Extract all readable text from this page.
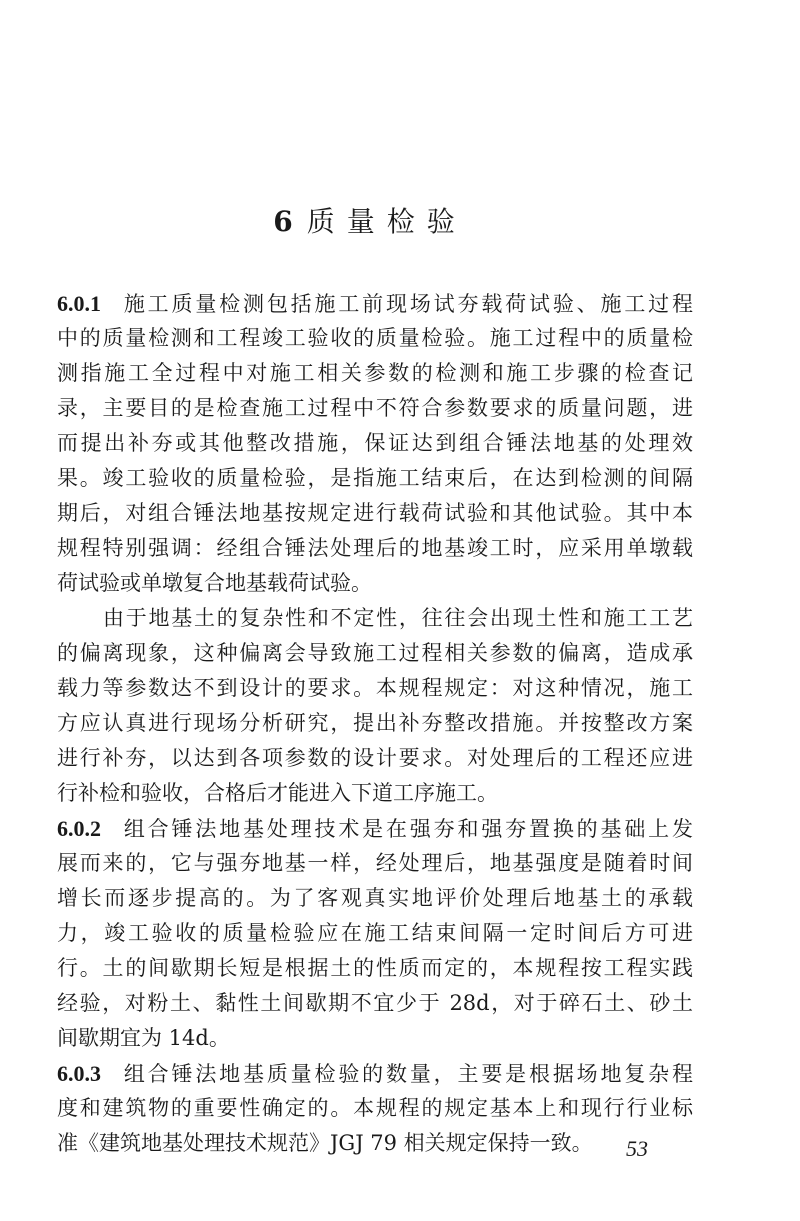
6 质量检验
6.0.1 施工质量检测包括施工前现场试夯载荷试验、施工过程
中的质量检测和工程竣工验收的质量检验。施工过程中的质量检
测指施工全过程中对施工相关参数的检测和施工步骤的检查记
录，主要目的是检查施工过程中不符合参数要求的质量问题，进
而提出补夯或其他整改措施，保证达到组合锤法地基的处理效
果。竣工验收的质量检验，是指施工结束后，在达到检测的间隔
期后，对组合锤法地基按规定进行载荷试验和其他试验。其中本
规程特别强调：经组合锤法处理后的地基竣工时，应采用单墩载
荷试验或单墩复合地基载荷试验。
由于地基土的复杂性和不定性，往往会出现土性和施工工艺
的偏离现象，这种偏离会导致施工过程相关参数的偏离，造成承
载力等参数达不到设计的要求。本规程规定：对这种情况，施工
方应认真进行现场分析研究，提出补夯整改措施。并按整改方案
进行补夯，以达到各项参数的设计要求。对处理后的工程还应进
行补检和验收，合格后才能进入下道工序施工。
6.0.2 组合锤法地基处理技术是在强夯和强夯置换的基础上发
展而来的，它与强夯地基一样，经处理后，地基强度是随着时间
增长而逐步提高的。为了客观真实地评价处理后地基土的承载
力，竣工验收的质量检验应在施工结束间隔一定时间后方可进
行。土的间歇期长短是根据土的性质而定的，本规程按工程实践
经验，对粉土、黏性土间歇期不宜少于 28d，对于碎石土、砂土
间歇期宜为 14d。
6.0.3 组合锤法地基质量检验的数量，主要是根据场地复杂程
度和建筑物的重要性确定的。本规程的规定基本上和现行行业标
准《建筑地基处理技术规范》JGJ 79 相关规定保持一致。	53
